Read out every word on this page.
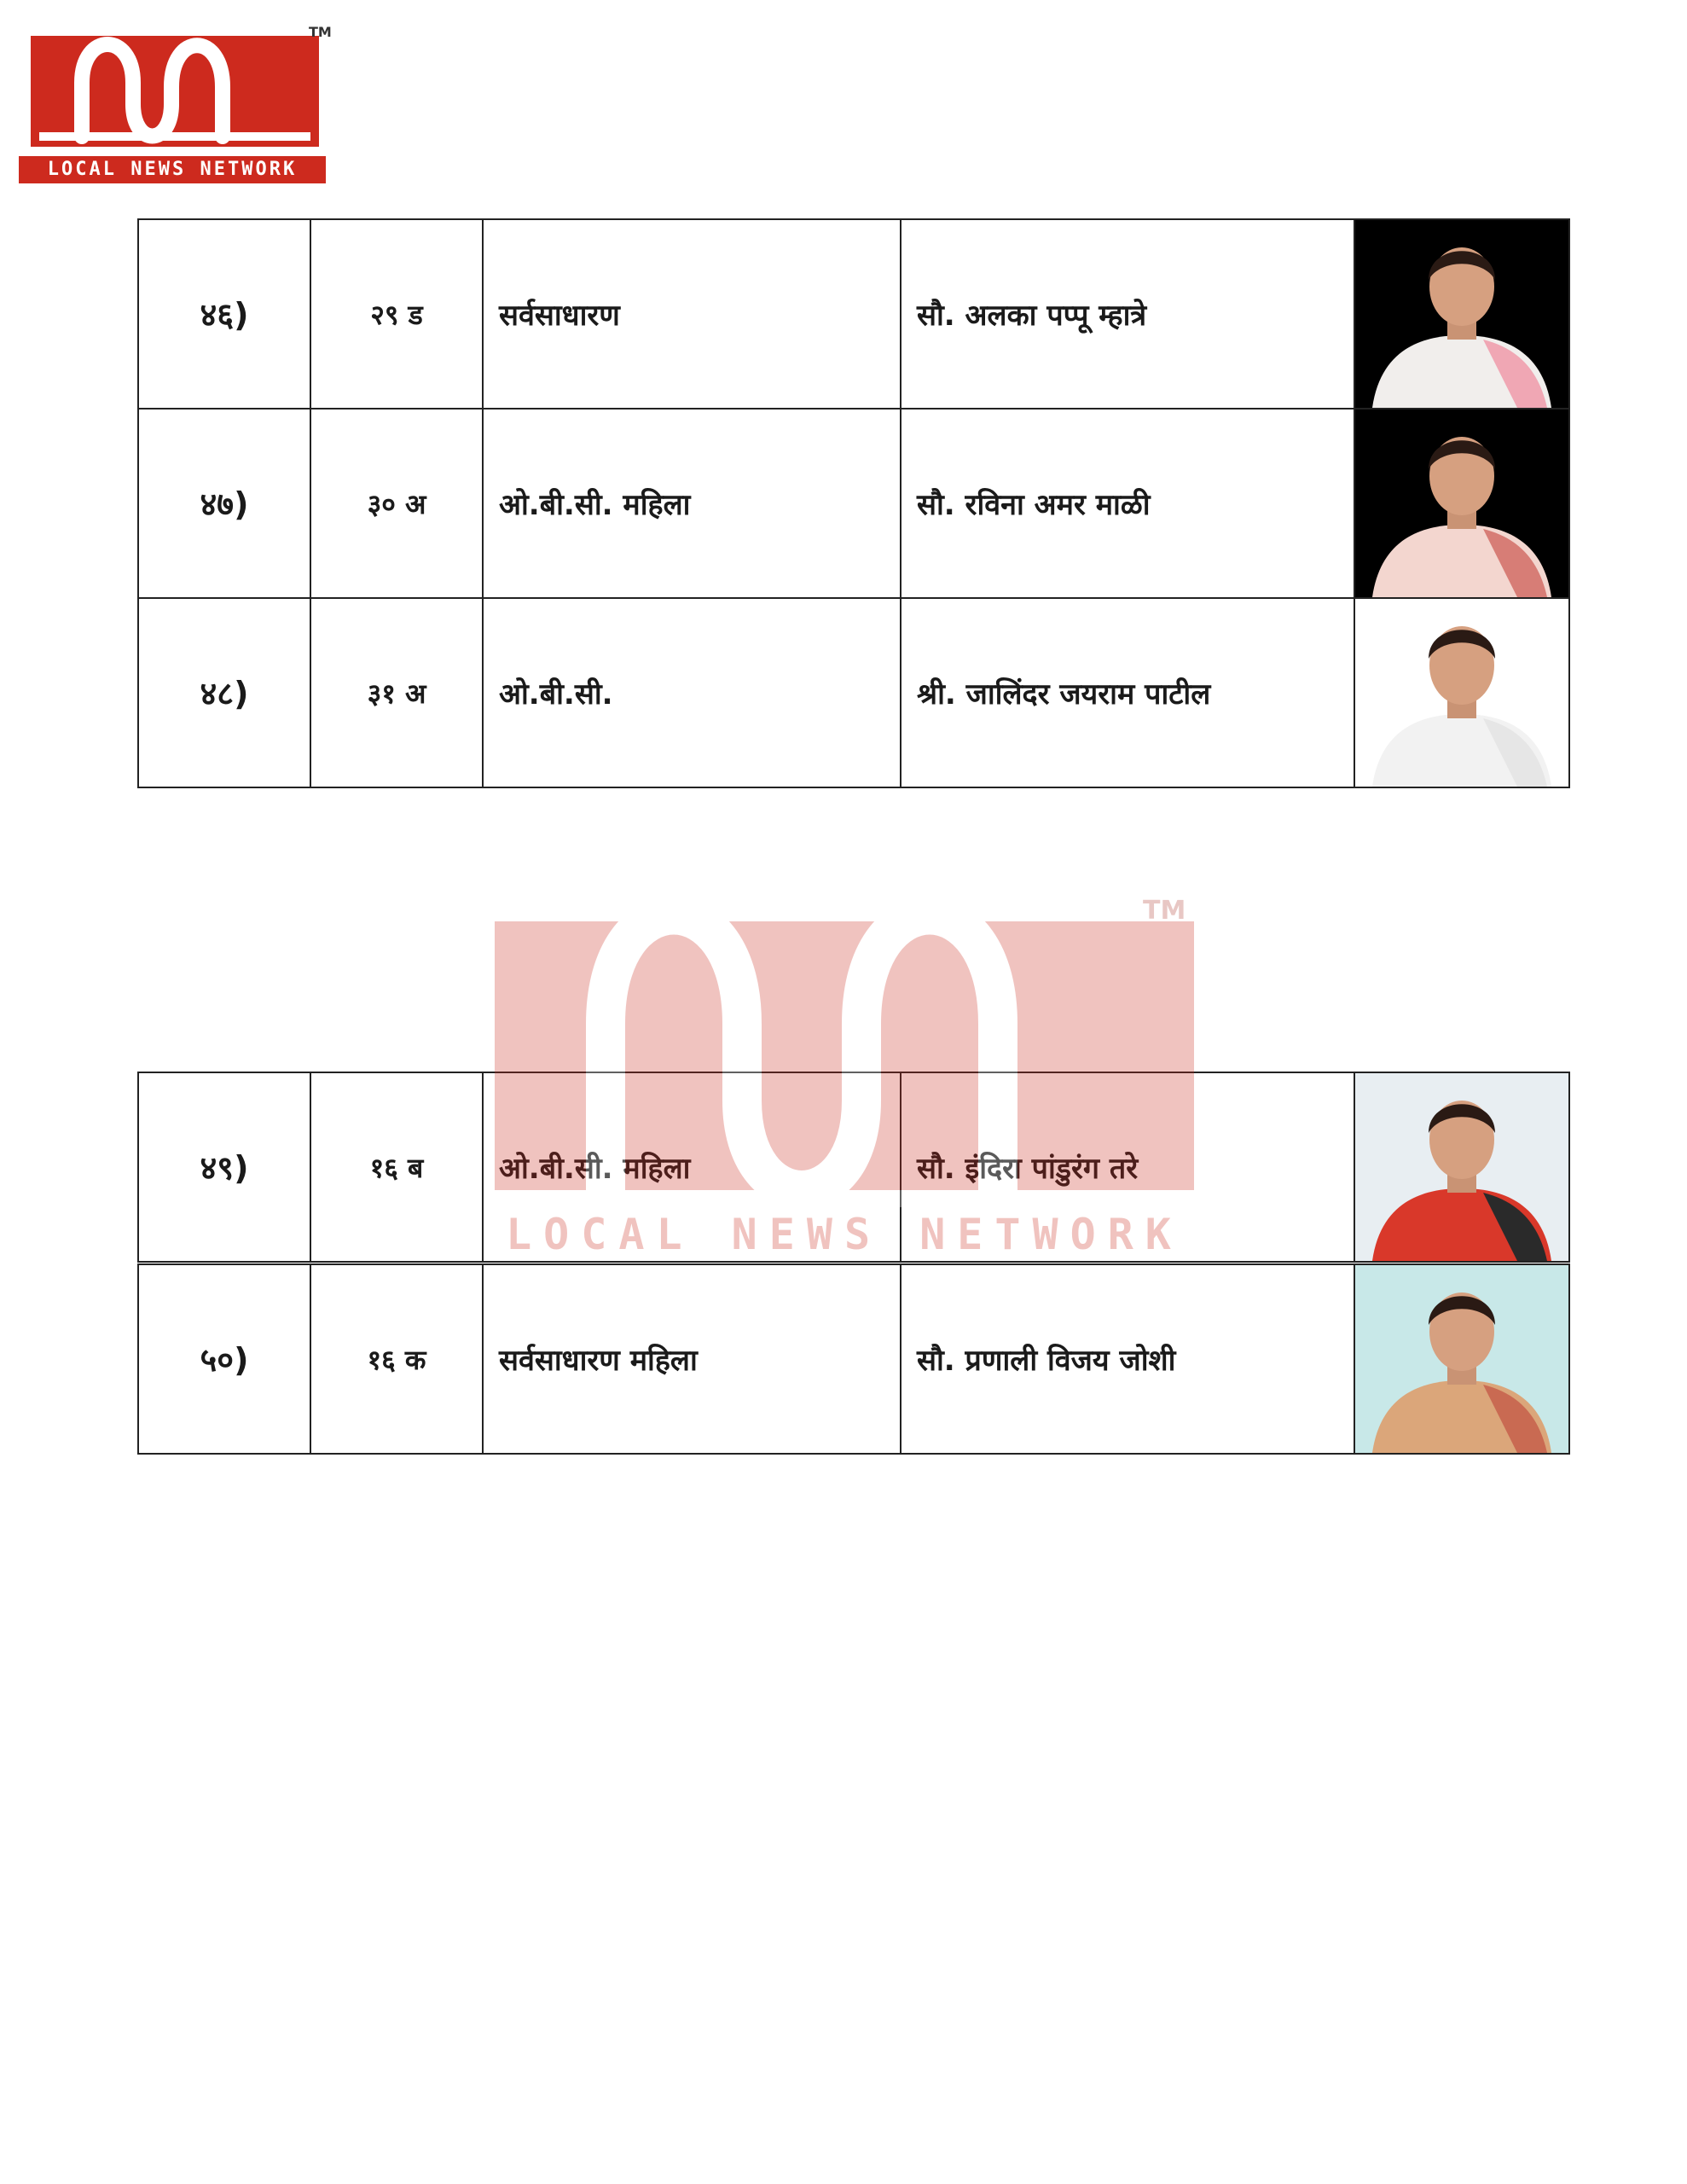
TM
LOCAL NEWS NETWORK
४६)	२९ ड	सर्वसाधारण	सौ. अलका पप्पू म्हात्रे	

४७)	३० अ	ओ.बी.सी. महिला	सौ. रविना अमर माळी	

४८)	३१ अ	ओ.बी.सी.	श्री. जालिंदर जयराम पाटील	
४९)	१६ ब	ओ.बी.सी. महिला	सौ. इंदिरा पांडुरंग तरे	
५०)	१६ क	सर्वसाधारण महिला	सौ. प्रणाली विजय जोशी	
TM
LOCAL NEWS NETWORK
